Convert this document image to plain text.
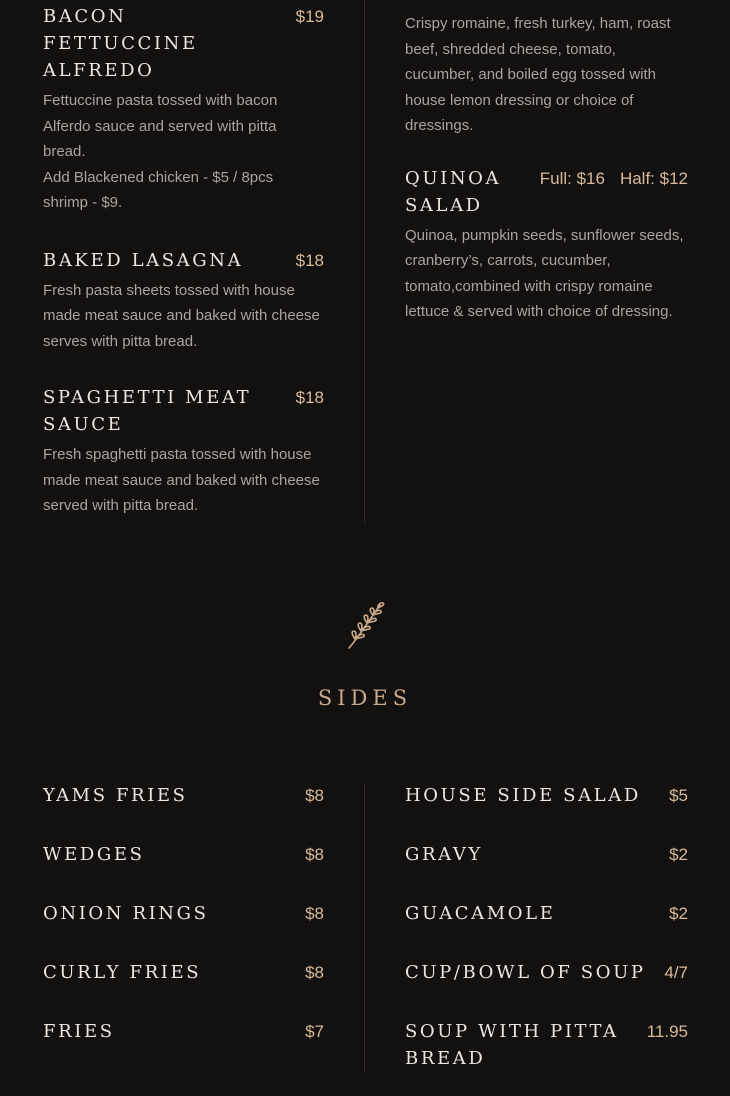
BACON
FETTUCCINE
ALFREDO
$19
Fettuccine pasta tossed with bacon
Alferdo sauce and served with pitta
bread.
Add Blackened chicken - $5 / 8pcs
shrimp - $9.
BAKED LASAGNA	$18
Fresh pasta sheets tossed with house
made meat sauce and baked with cheese
serves with pitta bread.
SPAGHETTI MEAT
SAUCE
$18
Fresh spaghetti pasta tossed with house
made meat sauce and baked with cheese
served with pitta bread.
Crispy romaine, fresh turkey, ham, roast
beef, shredded cheese, tomato,
cucumber, and boiled egg tossed with
house lemon dressing or choice of
dressings.
QUINOA
SALAD
Full: $16 Half: $12
Quinoa, pumpkin seeds, sunflower seeds,
cranberry’s, carrots, cucumber,
tomato,combined with crispy romaine
lettuce & served with choice of dressing.
SIDES
YAMS FRIES	$8
WEDGES	$8
ONION RINGS	$8
CURLY FRIES	$8
FRIES	$7
HOUSE SIDE SALAD $5
GRAVY	$2
GUACAMOLE	$2
CUP/BOWL OF SOUP 4/7
SOUP WITH PITTA
BREAD
11.95
